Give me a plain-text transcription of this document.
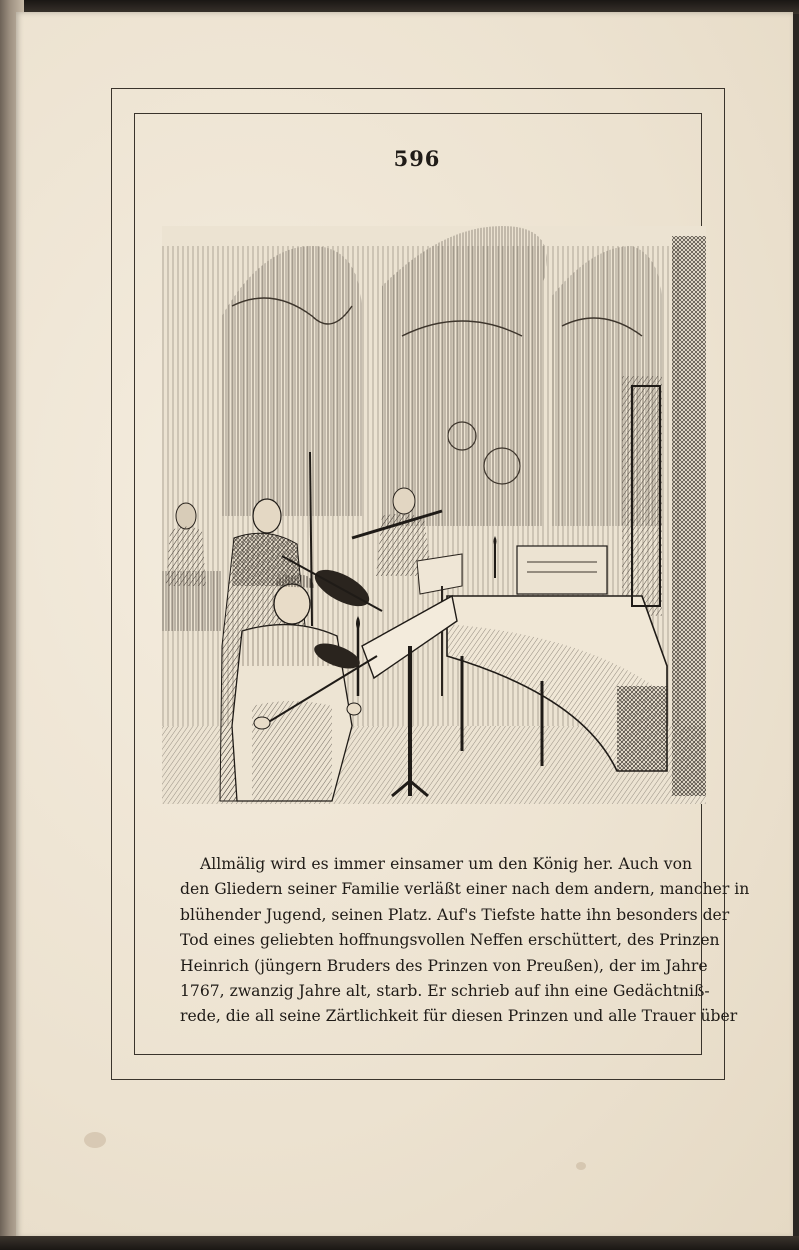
596
Allmälig wird es immer einsamer um den König her. Auch von
den Gliedern seiner Familie verläßt einer nach dem andern, mancher in
blühender Jugend, seinen Platz. Auf's Tiefste hatte ihn besonders der
Tod eines geliebten hoffnungsvollen Neffen erschüttert, des Prinzen
Heinrich (jüngern Bruders des Prinzen von Preußen), der im Jahre
1767, zwanzig Jahre alt, starb. Er schrieb auf ihn eine Gedächtniß-
rede, die all seine Zärtlichkeit für diesen Prinzen und alle Trauer über
